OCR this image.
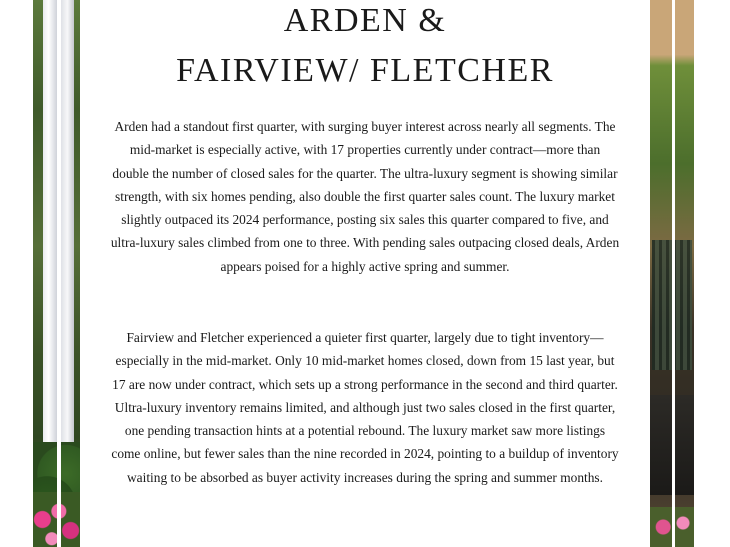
ARDEN &
FAIRVIEW/ FLETCHER

Arden had a standout first quarter, with surging buyer interest across nearly all segments. The mid-market is especially active, with 17 properties currently under contract—more than double the number of closed sales for the quarter. The ultra-luxury segment is showing similar strength, with six homes pending, also double the first quarter sales count. The luxury market slightly outpaced its 2024 performance, posting six sales this quarter compared to five, and ultra-luxury sales climbed from one to three. With pending sales outpacing closed deals, Arden appears poised for a highly active spring and summer.

Fairview and Fletcher experienced a quieter first quarter, largely due to tight inventory—especially in the mid-market. Only 10 mid-market homes closed, down from 15 last year, but 17 are now under contract, which sets up a strong performance in the second and third quarter. Ultra-luxury inventory remains limited, and although just two sales closed in the first quarter, one pending transaction hints at a potential rebound. The luxury market saw more listings come online, but fewer sales than the nine recorded in 2024, pointing to a buildup of inventory waiting to be absorbed as buyer activity increases during the spring and summer months.
